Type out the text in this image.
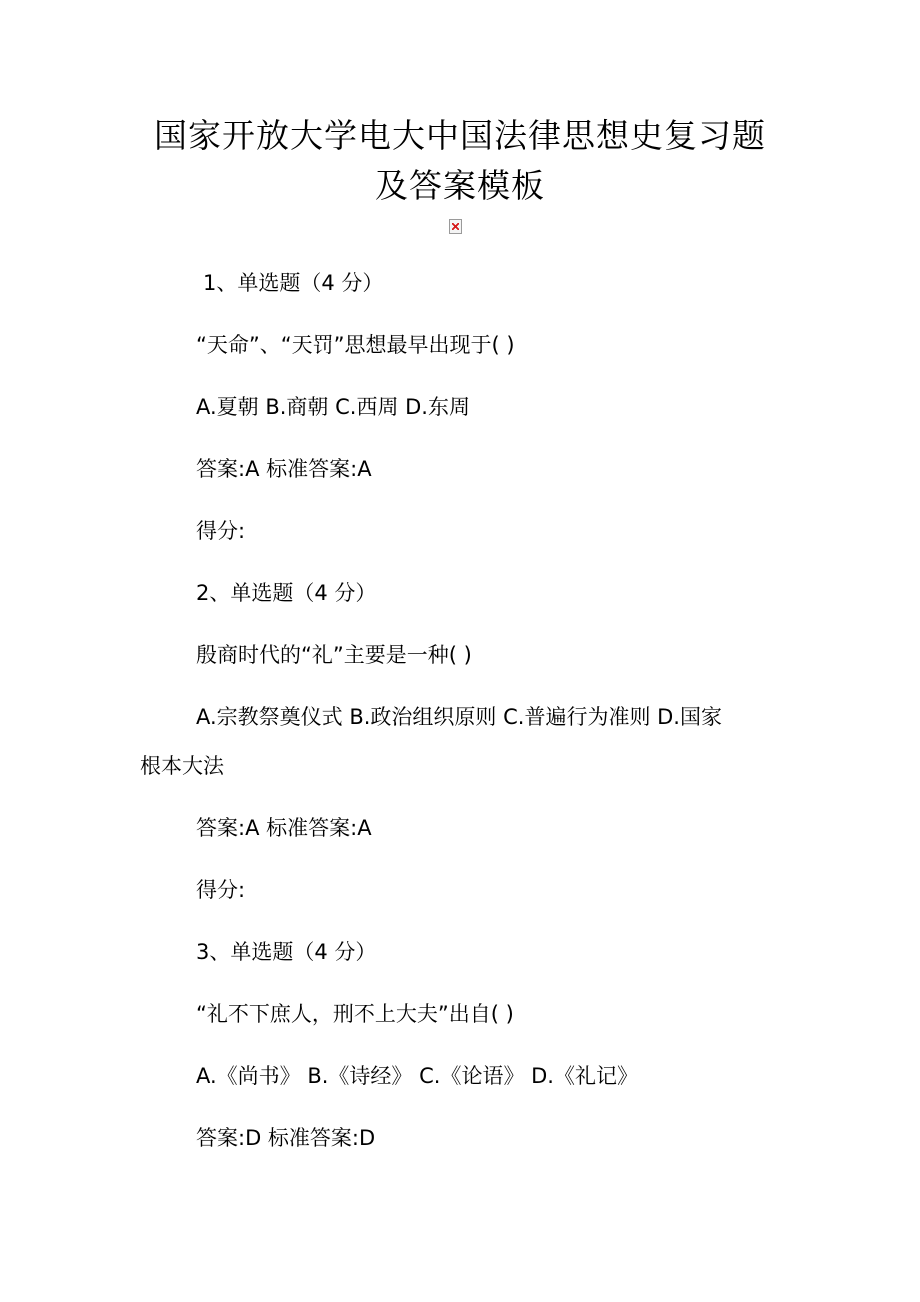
国家开放大学电大中国法律思想史复习题
及答案模板

1、单选题（4 分）

“天命”、“天罚”思想最早出现于( )

A.夏朝 B.商朝 C.西周 D.东周

答案:A 标准答案:A

得分:

2、单选题（4 分）

殷商时代的“礼”主要是一种( )

A.宗教祭奠仪式 B.政治组织原则 C.普遍行为准则 D.国家

根本大法

答案:A 标准答案:A

得分:

3、单选题（4 分）

“礼不下庶人，刑不上大夫”出自( )

A.《尚书》 B.《诗经》 C.《论语》 D.《礼记》

答案:D 标准答案:D
